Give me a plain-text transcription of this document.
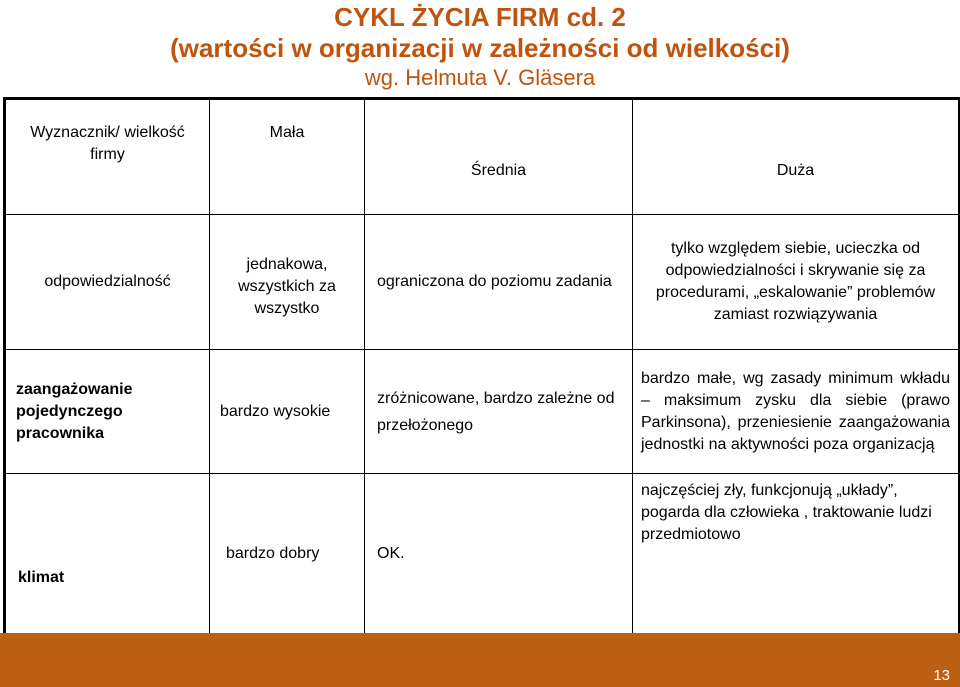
CYKL ŻYCIA FIRM cd. 2
(wartości w organizacji w zależności od wielkości)
wg. Helmuta V. Gläsera
Wyznacznik/ wielkość firmy	Mała	Średnia	Duża
odpowiedzialność	jednakowa, wszystkich za wszystko	ograniczona do poziomu zadania	tylko względem siebie, ucieczka od odpowiedzialności i skrywanie się za procedurami, „eskalowanie” problemów zamiast rozwiązywania
zaangażowanie pojedynczego pracownika	bardzo wysokie	zróżnicowane, bardzo zależne od przełożonego	bardzo małe, wg zasady minimum wkładu – maksimum zysku dla siebie (prawo Parkinsona), przeniesienie zaangażowania jednostki na aktywności poza organizacją
klimat	bardzo dobry	OK.	najczęściej zły, funkcjonują „układy”, pogarda dla człowieka , traktowanie ludzi przedmiotowo
13
